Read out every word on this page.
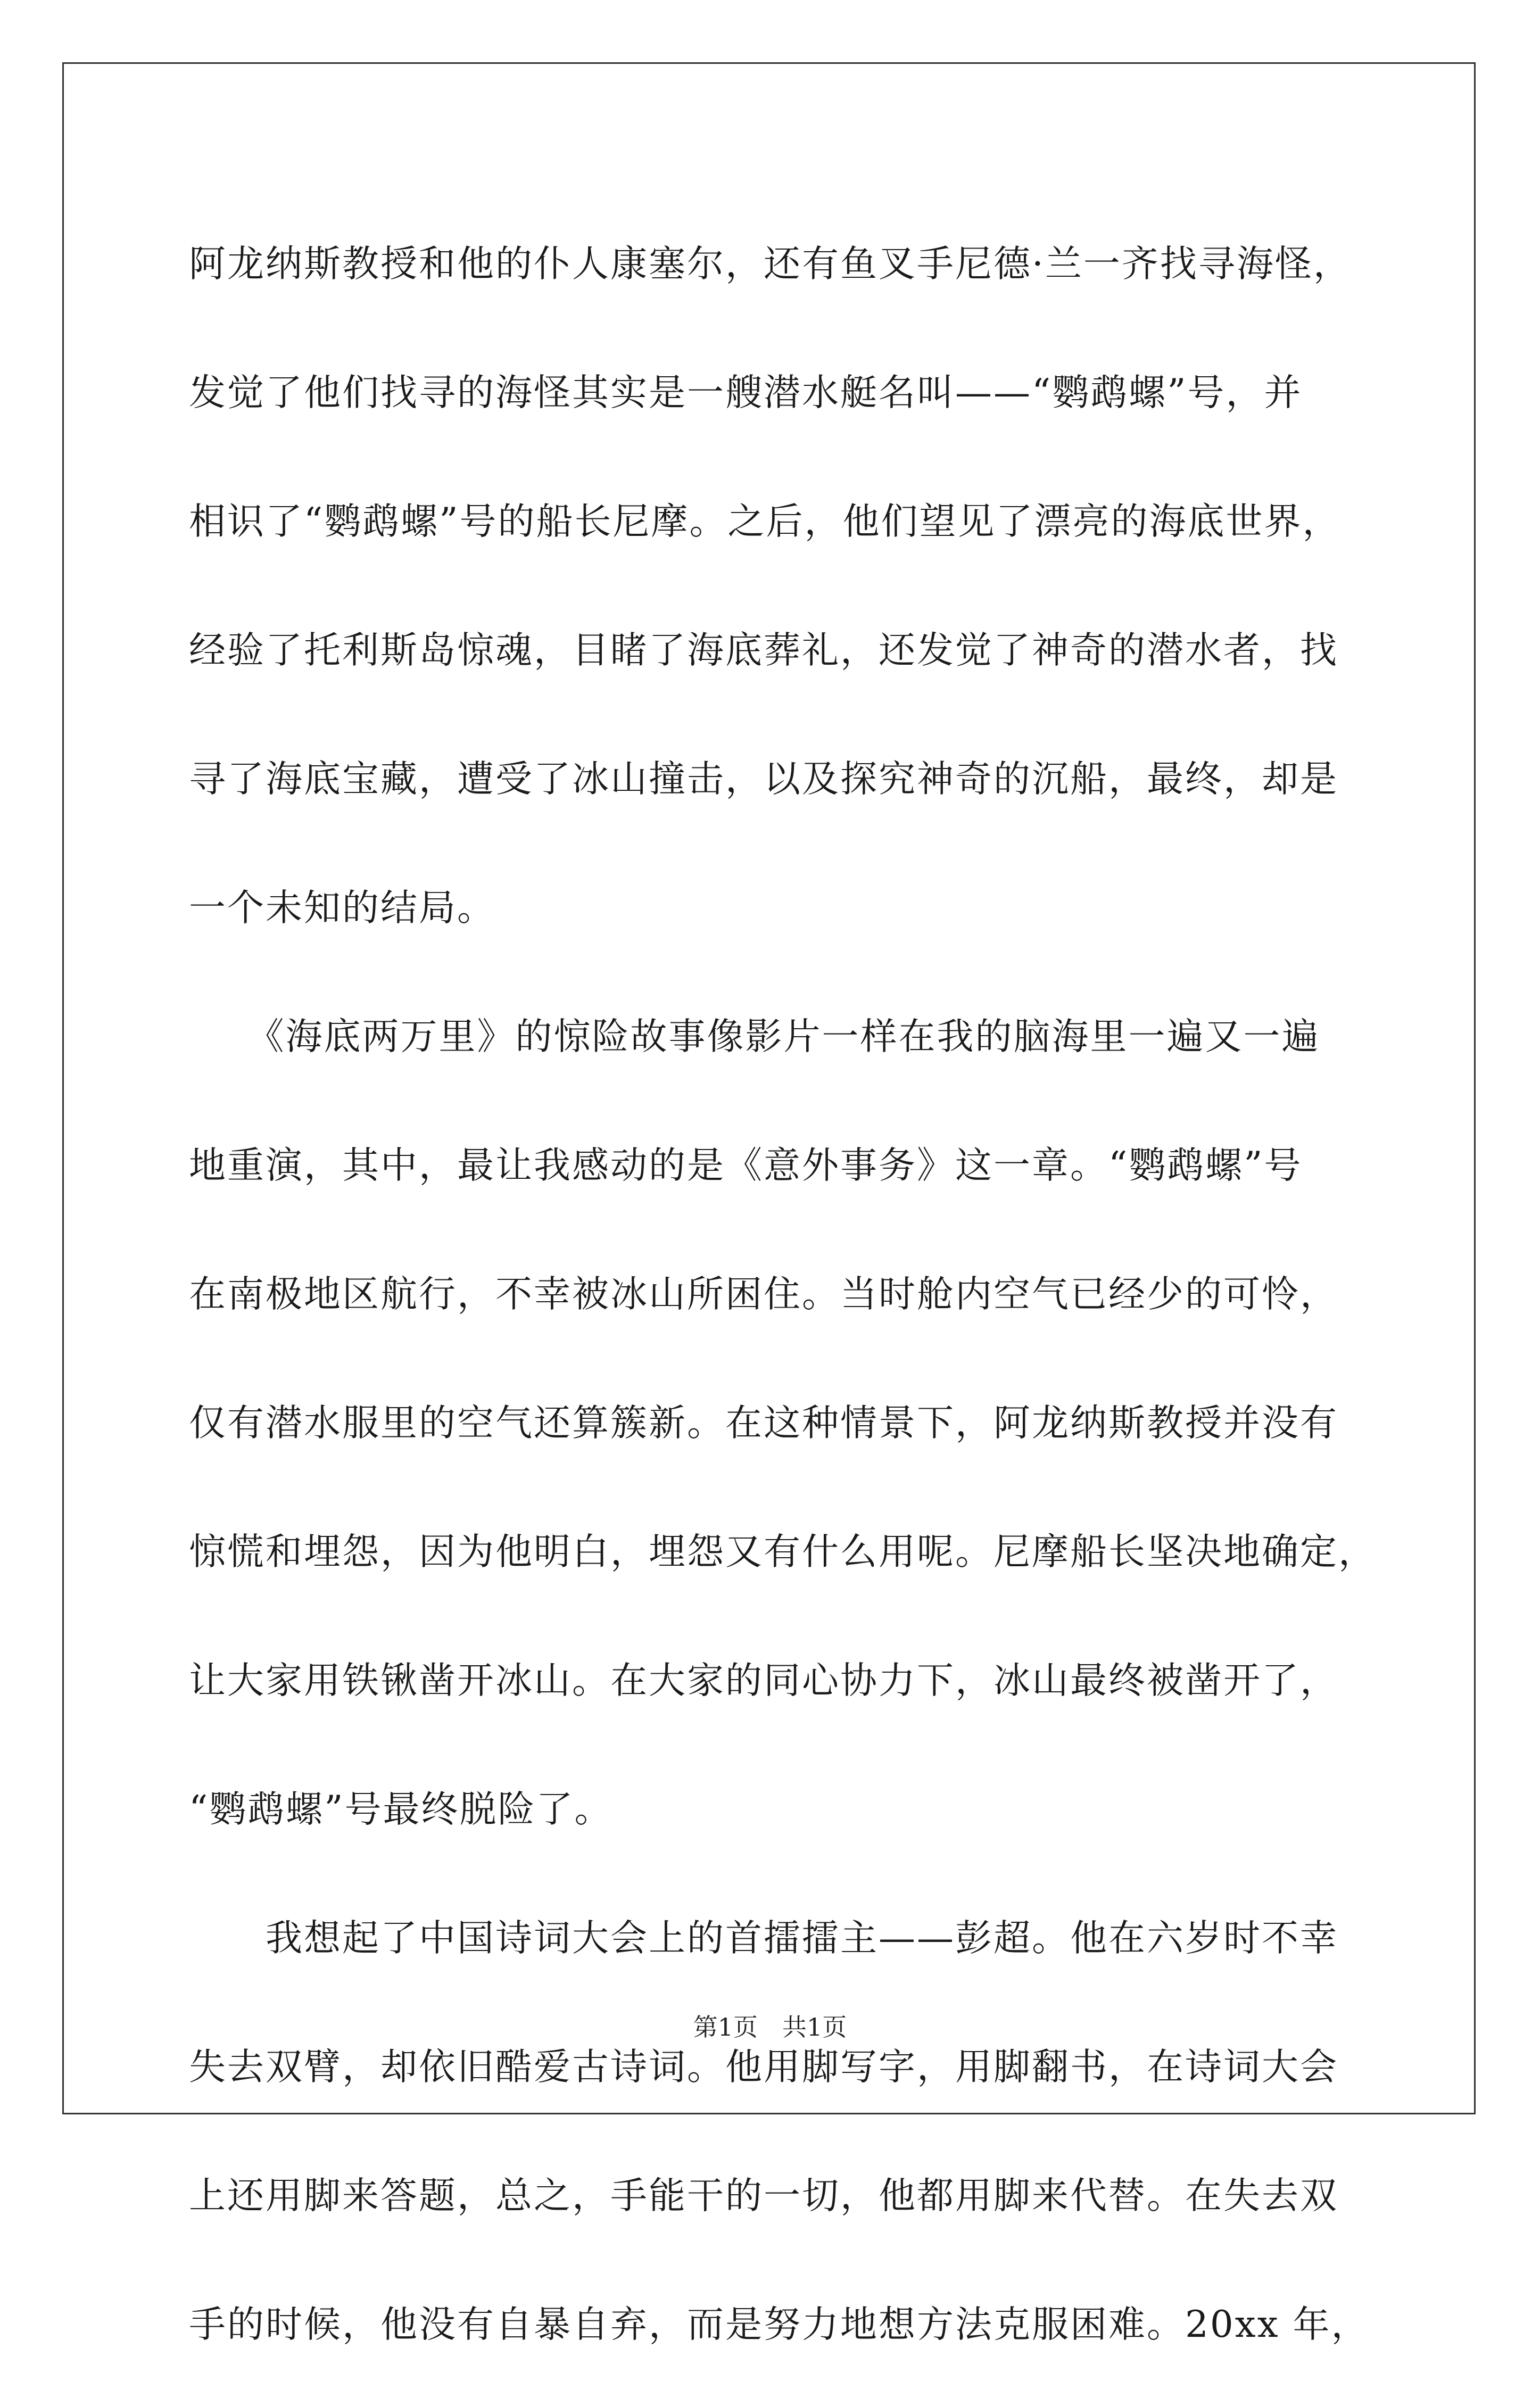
阿龙纳斯教授和他的仆人康塞尔，还有鱼叉手尼德·兰一齐找寻海怪，
发觉了他们找寻的海怪其实是一艘潜水艇名叫——“鹦鹉螺”号，并
相识了“鹦鹉螺”号的船长尼摩。之后，他们望见了漂亮的海底世界，
经验了托利斯岛惊魂，目睹了海底葬礼，还发觉了神奇的潜水者，找
寻了海底宝藏，遭受了冰山撞击，以及探究神奇的沉船，最终，却是
一个未知的结局。
　　《海底两万里》的惊险故事像影片一样在我的脑海里一遍又一遍
地重演，其中，最让我感动的是《意外事务》这一章。“鹦鹉螺”号
在南极地区航行，不幸被冰山所困住。当时舱内空气已经少的可怜，
仅有潜水服里的空气还算簇新。在这种情景下，阿龙纳斯教授并没有
惊慌和埋怨，因为他明白，埋怨又有什么用呢。尼摩船长坚决地确定，
让大家用铁锹凿开冰山。在大家的同心协力下，冰山最终被凿开了，
“鹦鹉螺”号最终脱险了。
　　我想起了中国诗词大会上的首擂擂主——彭超。他在六岁时不幸
失去双臂，却依旧酷爱古诗词。他用脚写字，用脚翻书，在诗词大会
上还用脚来答题，总之，手能干的一切，他都用脚来代替。在失去双
手的时候，他没有自暴自弃，而是努力地想方法克服困难。20xx 年，
第1页 共1页
